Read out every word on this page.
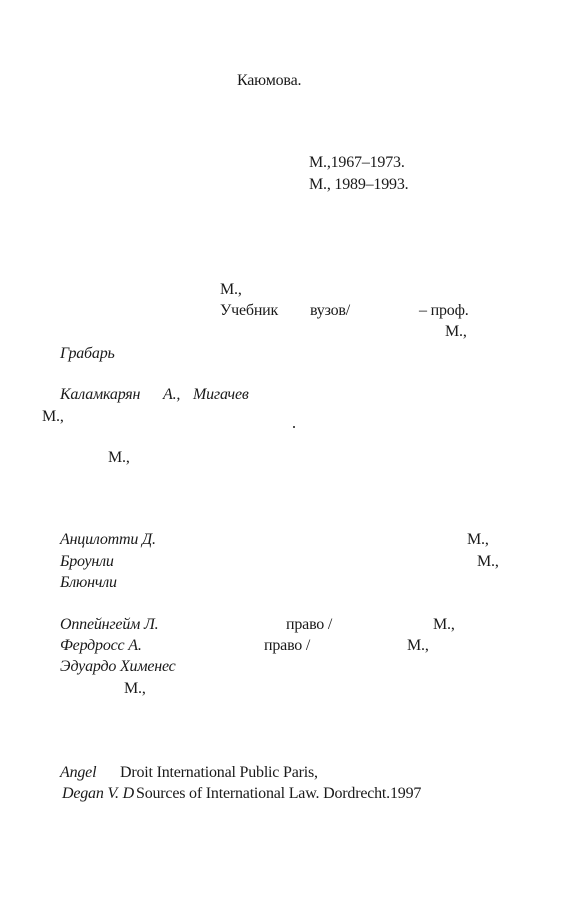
Каюмова.
М.,1967–1973.
М., 1989–1993.
М.,
Учебник вузов/	– проф.
М.,
Грабарь
Каламкарян А., Мигачев
М.,
М.,
Анцилотти Д.	М.,
Броунли	М.,
Блюнчли
Оппейнгейм Л.	право /	М.,
Фердросс А.	право /	М.,
Эдуардо Хименес
М.,
Angel Droit International Public Paris,
Degan V. D Sources of International Law. Dordrecht.1997
